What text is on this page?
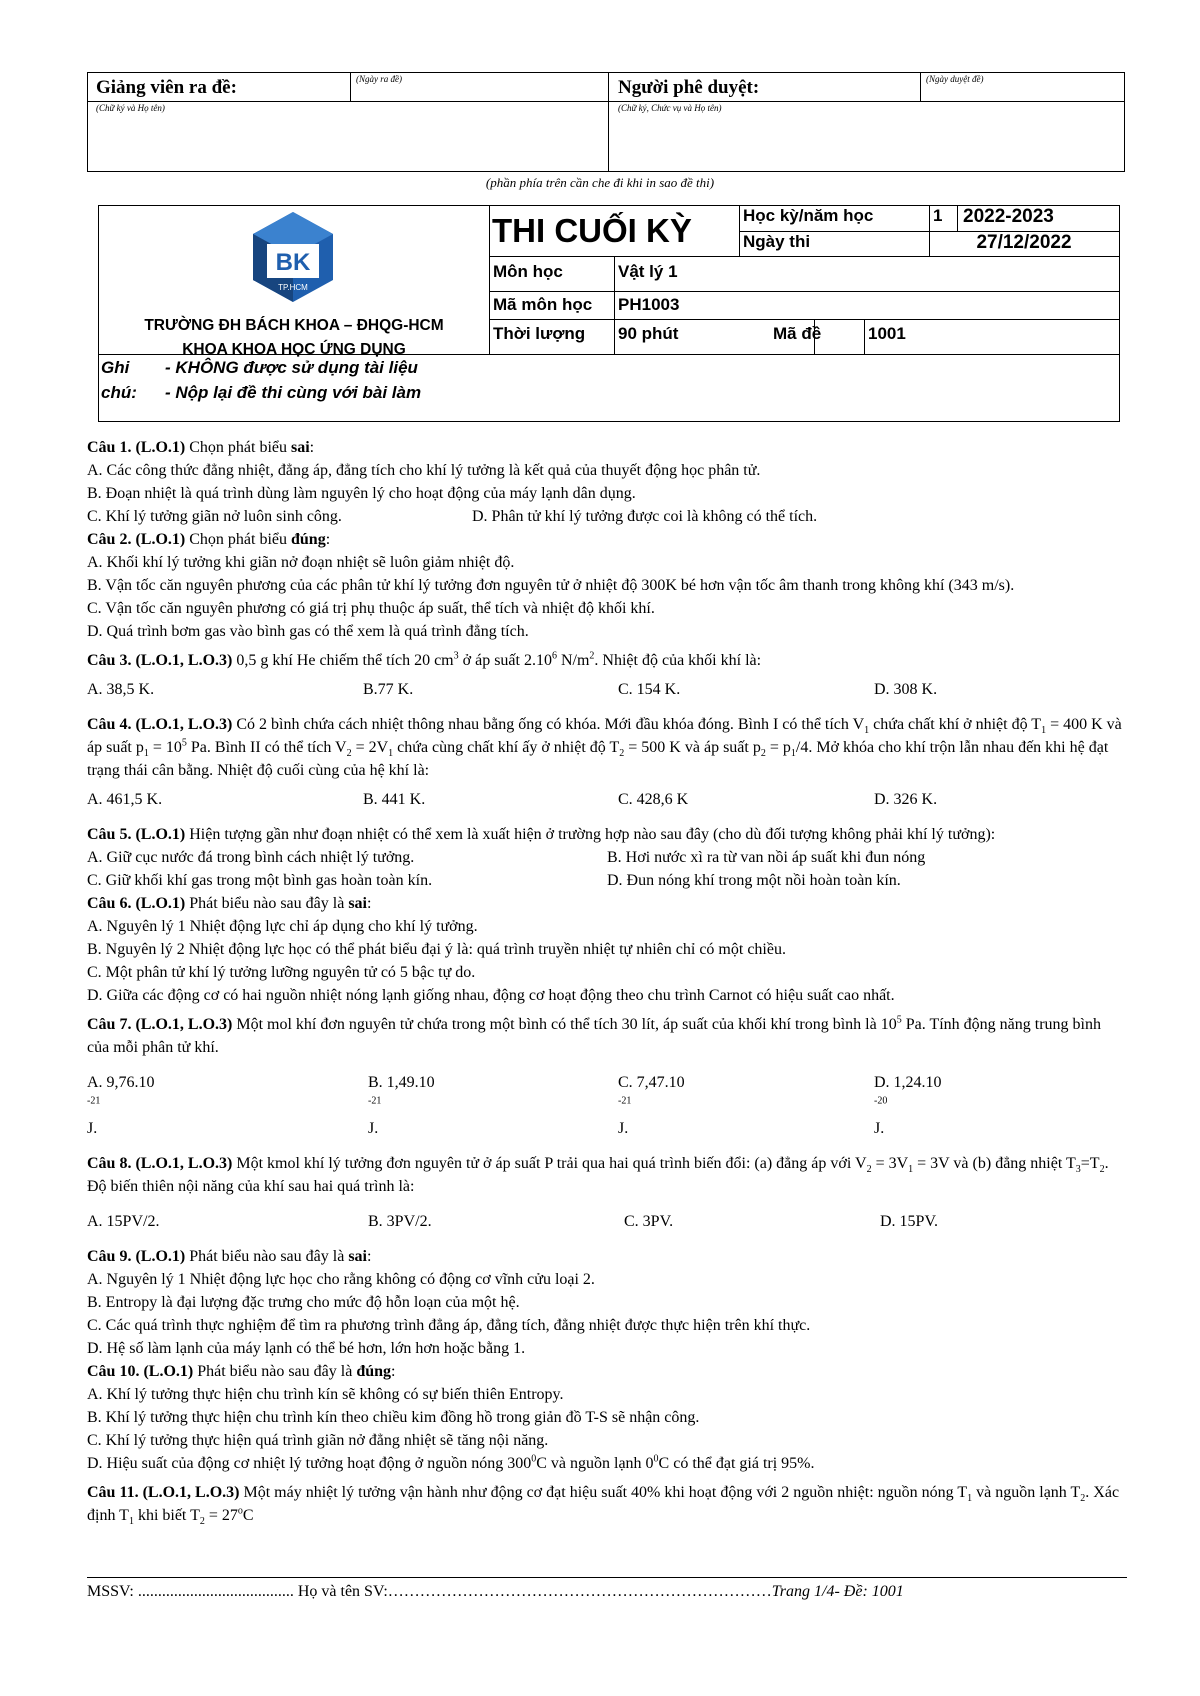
Giảng viên ra đề:	(Ngày ra đề)
(Chữ ký và Họ tên)
Người phê duyệt:	(Ngày duyệt đề)
(Chữ ký, Chức vụ và Họ tên)
(phần phía trên cần che đi khi in sao đề thi)
BK
TP.HCM
TRƯỜNG ĐH BÁCH KHOA – ĐHQG-HCM
KHOA KHOA HỌC ỨNG DỤNG
THI CUỐI KỲ	Học kỳ/năm học	1 2022-2023
Ngày thi	27/12/2022
Môn học	Vật lý 1
Mã môn học PH1003
Thời lượng 90 phút	Mã đề	1001
Ghi
chú:
- KHÔNG được sử dụng tài liệu
- Nộp lại đề thi cùng với bài làm

Câu 1. (L.O.1) Chọn phát biểu sai:

A. Các công thức đẳng nhiệt, đẳng áp, đẳng tích cho khí lý tưởng là kết quả của thuyết động học phân tử.

B. Đoạn nhiệt là quá trình dùng làm nguyên lý cho hoạt động của máy lạnh dân dụng.

C. Khí lý tưởng giãn nở luôn sinh công.	D. Phân tử khí lý tưởng được coi là không có thể tích.

Câu 2. (L.O.1) Chọn phát biểu đúng:

A. Khối khí lý tưởng khi giãn nở đoạn nhiệt sẽ luôn giảm nhiệt độ.

B. Vận tốc căn nguyên phương của các phân tử khí lý tưởng đơn nguyên tử ở nhiệt độ 300K bé hơn vận tốc âm thanh trong không khí (343 m/s).

C. Vận tốc căn nguyên phương có giá trị phụ thuộc áp suất, thể tích và nhiệt độ khối khí.

D. Quá trình bơm gas vào bình gas có thể xem là quá trình đẳng tích.

Câu 3. (L.O.1, L.O.3) 0,5 g khí He chiếm thể tích 20 $cm^3$ ở áp suất 2.10$^6$ $N/m^2$. Nhiệt độ của khối khí là:

A. 38,5 K.	B.77 K.	C. 154 K.	D. 308 K.

Câu 4. (L.O.1, L.O.3) Có 2 bình chứa cách nhiệt thông nhau bằng ống có khóa. Mới đầu khóa đóng. Bình I có thể tích $V_1$ chứa chất khí ở nhiệt độ $T_1 = 400$ K và áp suất $p_1 = 10^5$ Pa. Bình II có thể tích $V_2 = 2V_1$ chứa cùng chất khí ấy ở nhiệt độ $T_2 = 500$ K và áp suất $p_2 = p_1/4$. Mở khóa cho khí trộn lẫn nhau đến khi hệ đạt trạng thái cân bằng. Nhiệt độ cuối cùng của hệ khí là:

A. 461,5 K.	B. 441 K.	C. 428,6 K	D. 326 K.

Câu 5. (L.O.1) Hiện tượng gần như đoạn nhiệt có thể xem là xuất hiện ở trường hợp nào sau đây (cho dù đối tượng không phải khí lý tưởng):

A. Giữ cục nước đá trong bình cách nhiệt lý tưởng.	B. Hơi nước xì ra từ van nồi áp suất khi đun nóng
C. Giữ khối khí gas trong một bình gas hoàn toàn kín.	D. Đun nóng khí trong một nồi hoàn toàn kín.

Câu 6. (L.O.1) Phát biểu nào sau đây là sai:

A. Nguyên lý 1 Nhiệt động lực chỉ áp dụng cho khí lý tưởng.

B. Nguyên lý 2 Nhiệt động lực học có thể phát biểu đại ý là: quá trình truyền nhiệt tự nhiên chỉ có một chiều.

C. Một phân tử khí lý tưởng lưỡng nguyên tử có 5 bậc tự do.

D. Giữa các động cơ có hai nguồn nhiệt nóng lạnh giống nhau, động cơ hoạt động theo chu trình Carnot có hiệu suất cao nhất.

Câu 7. (L.O.1, L.O.3) Một mol khí đơn nguyên tử chứa trong một bình có thể tích 30 lít, áp suất của khối khí trong bình là $10^5$ Pa. Tính động năng trung bình của mỗi phân tử khí.

A. 9,76.10
$^{-21}$
J.
B. 1,49.10
$^{-21}$
J.
C. 7,47.10
$^{-21}$
J.
D. 1,24.10
$^{-20}$
J.

Câu 8. (L.O.1, L.O.3) Một kmol khí lý tưởng đơn nguyên tử ở áp suất P trải qua hai quá trình biến đổi: (a) đẳng áp với $V_2 = 3V_1 = 3V$ và (b) đẳng nhiệt $T_3=T_2$. Độ biến thiên nội năng của khí sau hai quá trình là:

A. 15PV/2.	B. 3PV/2.	C. 3PV.	D. 15PV.

Câu 9. (L.O.1) Phát biểu nào sau đây là sai:

A. Nguyên lý 1 Nhiệt động lực học cho rằng không có động cơ vĩnh cửu loại 2.

B. Entropy là đại lượng đặc trưng cho mức độ hỗn loạn của một hệ.

C. Các quá trình thực nghiệm để tìm ra phương trình đẳng áp, đẳng tích, đẳng nhiệt được thực hiện trên khí thực.

D. Hệ số làm lạnh của máy lạnh có thể bé hơn, lớn hơn hoặc bằng 1.

Câu 10. (L.O.1) Phát biểu nào sau đây là đúng:

A. Khí lý tưởng thực hiện chu trình kín sẽ không có sự biến thiên Entropy.

B. Khí lý tưởng thực hiện chu trình kín theo chiều kim đồng hồ trong giản đồ T-S sẽ nhận công.

C. Khí lý tưởng thực hiện quá trình giãn nở đẳng nhiệt sẽ tăng nội năng.

D. Hiệu suất của động cơ nhiệt lý tưởng hoạt động ở nguồn nóng $300^0C$ và nguồn lạnh $0^0C$ có thể đạt giá trị 95%.

Câu 11. (L.O.1, L.O.3) Một máy nhiệt lý tưởng vận hành như động cơ đạt hiệu suất 40% khi hoạt động với 2 nguồn nhiệt: nguồn nóng $T_1$ và nguồn lạnh $T_2$. Xác định $T_1$ khi biết $T_2 = 27^oC$

MSSV: ....................................... Họ và tên SV:………………………………………………………………Trang 1/4- Đề: 1001
